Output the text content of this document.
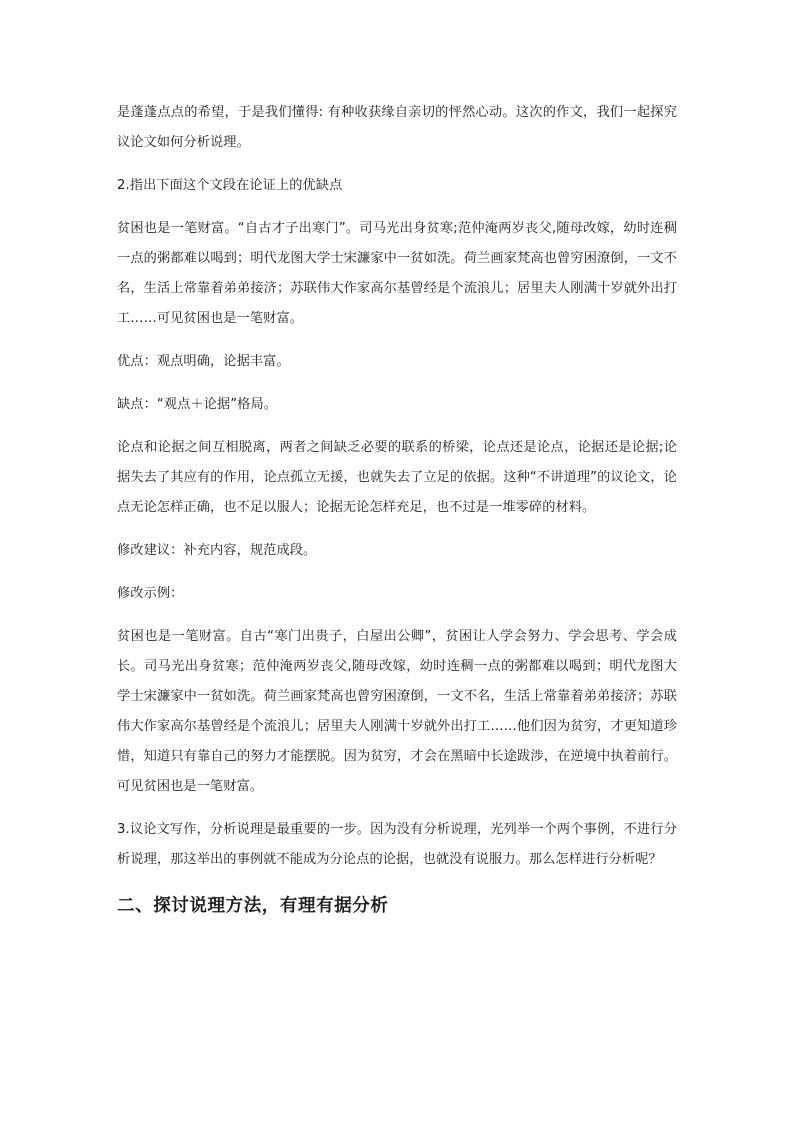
是蓬蓬点点的希望，于是我们懂得: 有种收获缘自亲切的怦然心动。这次的作文，我们一起探究议论文如何分析说理。

2.指出下面这个文段在论证上的优缺点

贫困也是一笔财富。“自古才子出寒门”。司马光出身贫寒;范仲淹两岁丧父,随母改嫁，幼时连稠一点的粥都难以喝到；明代龙图大学士宋濂家中一贫如洗。荷兰画家梵高也曾穷困潦倒，一文不名，生活上常靠着弟弟接济；苏联伟大作家高尔基曾经是个流浪儿；居里夫人刚满十岁就外出打工……可见贫困也是一笔财富。

优点：观点明确，论据丰富。

缺点：“观点＋论据”格局。

论点和论据之间互相脱离，两者之间缺乏必要的联系的桥梁，论点还是论点，论据还是论据;论据失去了其应有的作用，论点孤立无援，也就失去了立足的依据。这种“不讲道理”的议论文，论点无论怎样正确，也不足以服人；论据无论怎样充足，也不过是一堆零碎的材料。

修改建议：补充内容，规范成段。

修改示例：

贫困也是一笔财富。自古“寒门出贵子，白屋出公卿”，贫困让人学会努力、学会思考、学会成长。司马光出身贫寒；范仲淹两岁丧父,随母改嫁，幼时连稠一点的粥都难以喝到；明代龙图大学士宋濂家中一贫如洗。荷兰画家梵高也曾穷困潦倒，一文不名，生活上常靠着弟弟接济；苏联伟大作家高尔基曾经是个流浪儿；居里夫人刚满十岁就外出打工……他们因为贫穷，才更知道珍惜，知道只有靠自己的努力才能摆脱。因为贫穷，才会在黑暗中长途跋涉，在逆境中执着前行。可见贫困也是一笔财富。

3.议论文写作，分析说理是最重要的一步。因为没有分析说理，光列举一个两个事例，不进行分析说理，那这举出的事例就不能成为分论点的论据，也就没有说服力。那么怎样进行分析呢？

二、探讨说理方法，有理有据分析
